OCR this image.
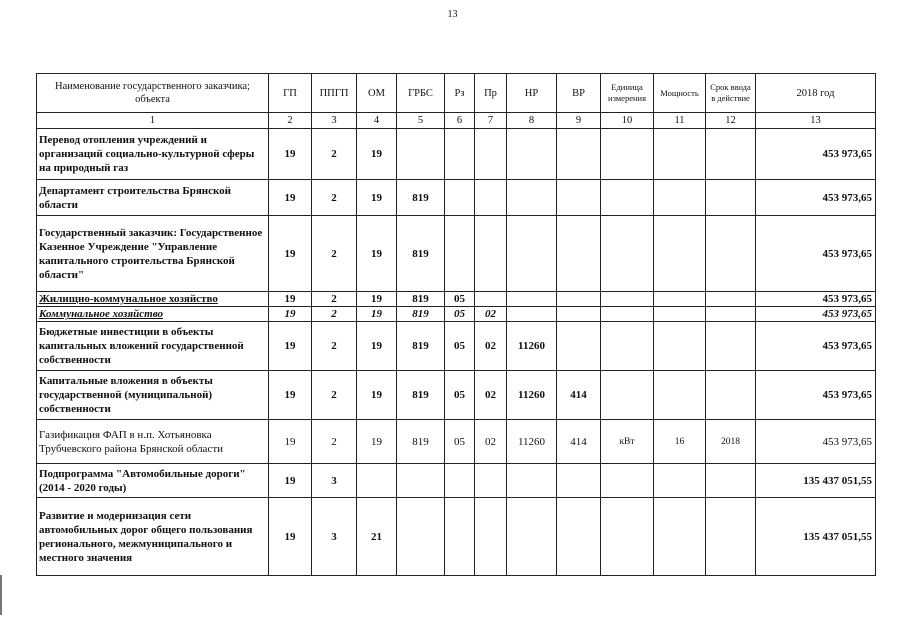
13
Наименование государственного заказчика; объекта	ГП	ППГП	ОМ	ГРБС	Рз	Пр	НР	ВР	Единица измерения	Мощность	Срок ввода в действие	2018 год
1	2	3	4	5	6	7	8	9	10	11	12	13
Перевод отопления учреждений и организаций социально-культурной сферы на природный газ	19	2	19									453 973,65
Департамент строительства Брянской области	19	2	19	819								453 973,65
Государственный заказчик: Государственное Казенное Учреждение "Управление капитального строительства Брянской области"	19	2	19	819								453 973,65
Жилищно-коммунальное хозяйство	19	2	19	819	05							453 973,65
Коммунальное хозяйство	19	2	19	819	05	02						453 973,65
Бюджетные инвестиции в объекты капитальных вложений государственной собственности	19	2	19	819	05	02	11260					453 973,65
Капитальные вложения в объекты государственной (муниципальной) собственности	19	2	19	819	05	02	11260	414				453 973,65
Газификация ФАП в н.п. Хотьяновка Трубчевского района Брянской области	19	2	19	819	05	02	11260	414	кВт	16	2018	453 973,65
Подпрограмма "Автомобильные дороги" (2014 - 2020 годы)	19	3										135 437 051,55
Развитие и модернизация сети автомобильных дорог общего пользования регионального, межмуниципального и местного значения	19	3	21									135 437 051,55
